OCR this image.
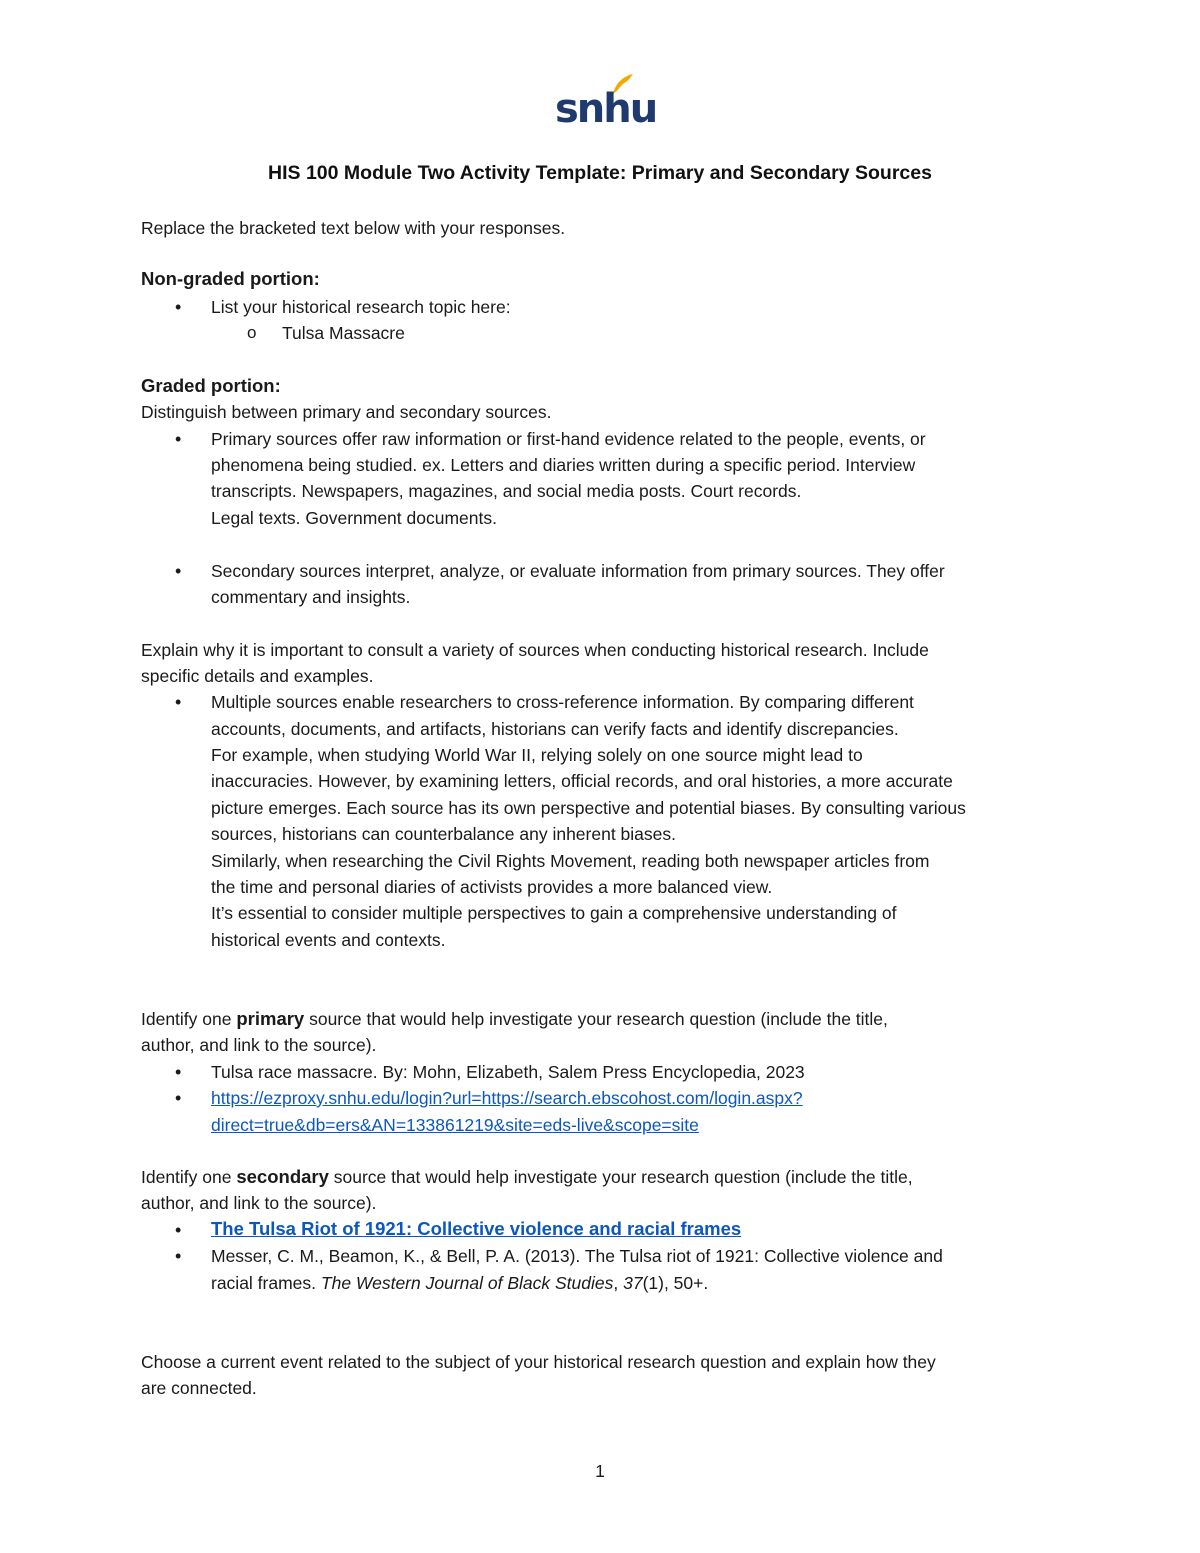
snhu
HIS 100 Module Two Activity Template: Primary and Secondary Sources
Replace the bracketed text below with your responses.
Non-graded portion:
• List your historical research topic here:
o Tulsa Massacre
Graded portion:
Distinguish between primary and secondary sources.
• Primary sources offer raw information or first-hand evidence related to the people, events, or
phenomena being studied. ex. Letters and diaries written during a specific period. Interview
transcripts. Newspapers, magazines, and social media posts. Court records.
Legal texts. Government documents.
• Secondary sources interpret, analyze, or evaluate information from primary sources. They offer
commentary and insights.
Explain why it is important to consult a variety of sources when conducting historical research. Include
specific details and examples.
• Multiple sources enable researchers to cross-reference information. By comparing different
accounts, documents, and artifacts, historians can verify facts and identify discrepancies.
For example, when studying World War II, relying solely on one source might lead to
inaccuracies. However, by examining letters, official records, and oral histories, a more accurate
picture emerges. Each source has its own perspective and potential biases. By consulting various
sources, historians can counterbalance any inherent biases.
Similarly, when researching the Civil Rights Movement, reading both newspaper articles from
the time and personal diaries of activists provides a more balanced view.
It’s essential to consider multiple perspectives to gain a comprehensive understanding of
historical events and contexts.
Identify one primary source that would help investigate your research question (include the title,
author, and link to the source).
• Tulsa race massacre. By: Mohn, Elizabeth, Salem Press Encyclopedia, 2023
• https://ezproxy.snhu.edu/login?url=https://search.ebscohost.com/login.aspx?
direct=true&db=ers&AN=133861219&site=eds-live&scope=site
Identify one secondary source that would help investigate your research question (include the title,
author, and link to the source).
• The Tulsa Riot of 1921: Collective violence and racial frames
• Messer, C. M., Beamon, K., & Bell, P. A. (2013). The Tulsa riot of 1921: Collective violence and
racial frames. The Western Journal of Black Studies, 37(1), 50+.
Choose a current event related to the subject of your historical research question and explain how they
are connected.
1
